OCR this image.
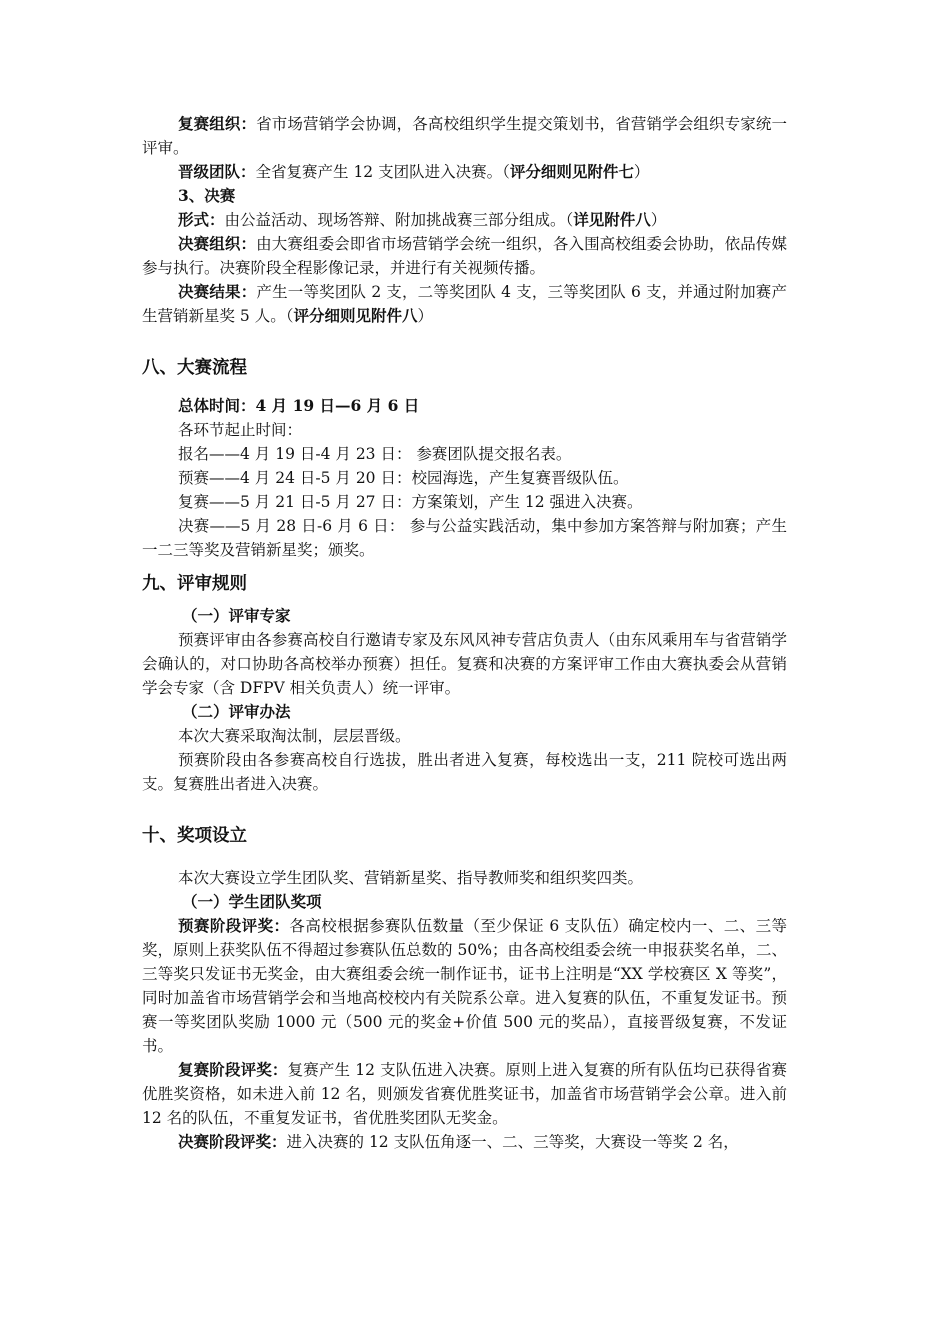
复赛组织：省市场营销学会协调，各高校组织学生提交策划书，省营销学会组织专家统一评审。

晋级团队：全省复赛产生 12 支团队进入决赛。（评分细则见附件七）

3、决赛

形式：由公益活动、现场答辩、附加挑战赛三部分组成。（详见附件八）

决赛组织：由大赛组委会即省市场营销学会统一组织，各入围高校组委会协助，依品传媒参与执行。决赛阶段全程影像记录，并进行有关视频传播。

决赛结果：产生一等奖团队 2 支，二等奖团队 4 支，三等奖团队 6 支，并通过附加赛产生营销新星奖 5 人。（评分细则见附件八）

八、大赛流程

总体时间：4 月 19 日—6 月 6 日

各环节起止时间：

报名——4 月 19 日-4 月 23 日： 参赛团队提交报名表。

预赛——4 月 24 日-5 月 20 日：校园海选，产生复赛晋级队伍。

复赛——5 月 21 日-5 月 27 日：方案策划，产生 12 强进入决赛。

决赛——5 月 28 日-6 月 6 日： 参与公益实践活动，集中参加方案答辩与附加赛；产生一二三等奖及营销新星奖；颁奖。

九、评审规则

（一）评审专家

预赛评审由各参赛高校自行邀请专家及东风风神专营店负责人（由东风乘用车与省营销学会确认的，对口协助各高校举办预赛）担任。复赛和决赛的方案评审工作由大赛执委会从营销学会专家（含 DFPV 相关负责人）统一评审。

（二）评审办法

本次大赛采取淘汰制，层层晋级。

预赛阶段由各参赛高校自行选拔，胜出者进入复赛，每校选出一支，211 院校可选出两支。复赛胜出者进入决赛。

十、奖项设立

本次大赛设立学生团队奖、营销新星奖、指导教师奖和组织奖四类。

（一）学生团队奖项

预赛阶段评奖：各高校根据参赛队伍数量（至少保证 6 支队伍）确定校内一、二、三等奖，原则上获奖队伍不得超过参赛队伍总数的 50%；由各高校组委会统一申报获奖名单，二、三等奖只发证书无奖金，由大赛组委会统一制作证书，证书上注明是“XX 学校赛区 X 等奖”，同时加盖省市场营销学会和当地高校校内有关院系公章。进入复赛的队伍，不重复发证书。预赛一等奖团队奖励 1000 元（500 元的奖金+价值 500 元的奖品），直接晋级复赛，不发证书。

复赛阶段评奖：复赛产生 12 支队伍进入决赛。原则上进入复赛的所有队伍均已获得省赛优胜奖资格，如未进入前 12 名，则颁发省赛优胜奖证书，加盖省市场营销学会公章。进入前 12 名的队伍，不重复发证书，省优胜奖团队无奖金。

决赛阶段评奖：进入决赛的 12 支队伍角逐一、二、三等奖，大赛设一等奖 2 名，
